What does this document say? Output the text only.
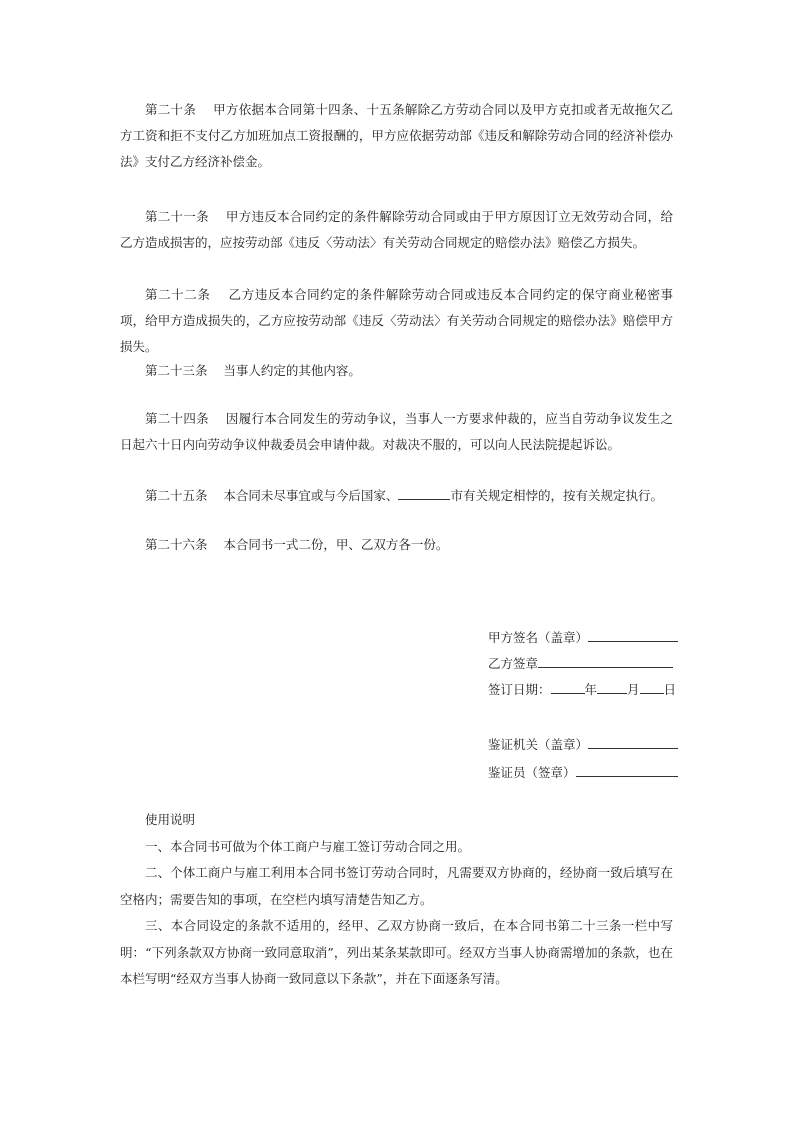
第二十条 甲方依据本合同第十四条、十五条解除乙方劳动合同以及甲方克扣或者无故拖欠乙方工资和拒不支付乙方加班加点工资报酬的，甲方应依据劳动部《违反和解除劳动合同的经济补偿办法》支付乙方经济补偿金。

第二十一条 甲方违反本合同约定的条件解除劳动合同或由于甲方原因订立无效劳动合同，给乙方造成损害的，应按劳动部《违反〈劳动法〉有关劳动合同规定的赔偿办法》赔偿乙方损失。

第二十二条 乙方违反本合同约定的条件解除劳动合同或违反本合同约定的保守商业秘密事项，给甲方造成损失的，乙方应按劳动部《违反〈劳动法〉有关劳动合同规定的赔偿办法》赔偿甲方损失。

第二十三条 当事人约定的其他内容。

第二十四条 因履行本合同发生的劳动争议，当事人一方要求仲裁的，应当自劳动争议发生之日起六十日内向劳动争议仲裁委员会申请仲裁。对裁决不服的，可以向人民法院提起诉讼。

第二十五条 本合同未尽事宜或与今后国家、	市有关规定相悖的，按有关规定执行。

第二十六条 本合同书一式二份，甲、乙双方各一份。

甲方签名（盖章）
乙方签章
签订日期：	年 月 日
鉴证机关（盖章）
鉴证员（签章）

使用说明

一、本合同书可做为个体工商户与雇工签订劳动合同之用。

二、个体工商户与雇工利用本合同书签订劳动合同时，凡需要双方协商的，经协商一致后填写在空格内；需要告知的事项，在空栏内填写清楚告知乙方。

三、本合同设定的条款不适用的，经甲、乙双方协商一致后，在本合同书第二十三条一栏中写明：“下列条款双方协商一致同意取消”，列出某条某款即可。经双方当事人协商需增加的条款，也在本栏写明“经双方当事人协商一致同意以下条款”，并在下面逐条写清。
